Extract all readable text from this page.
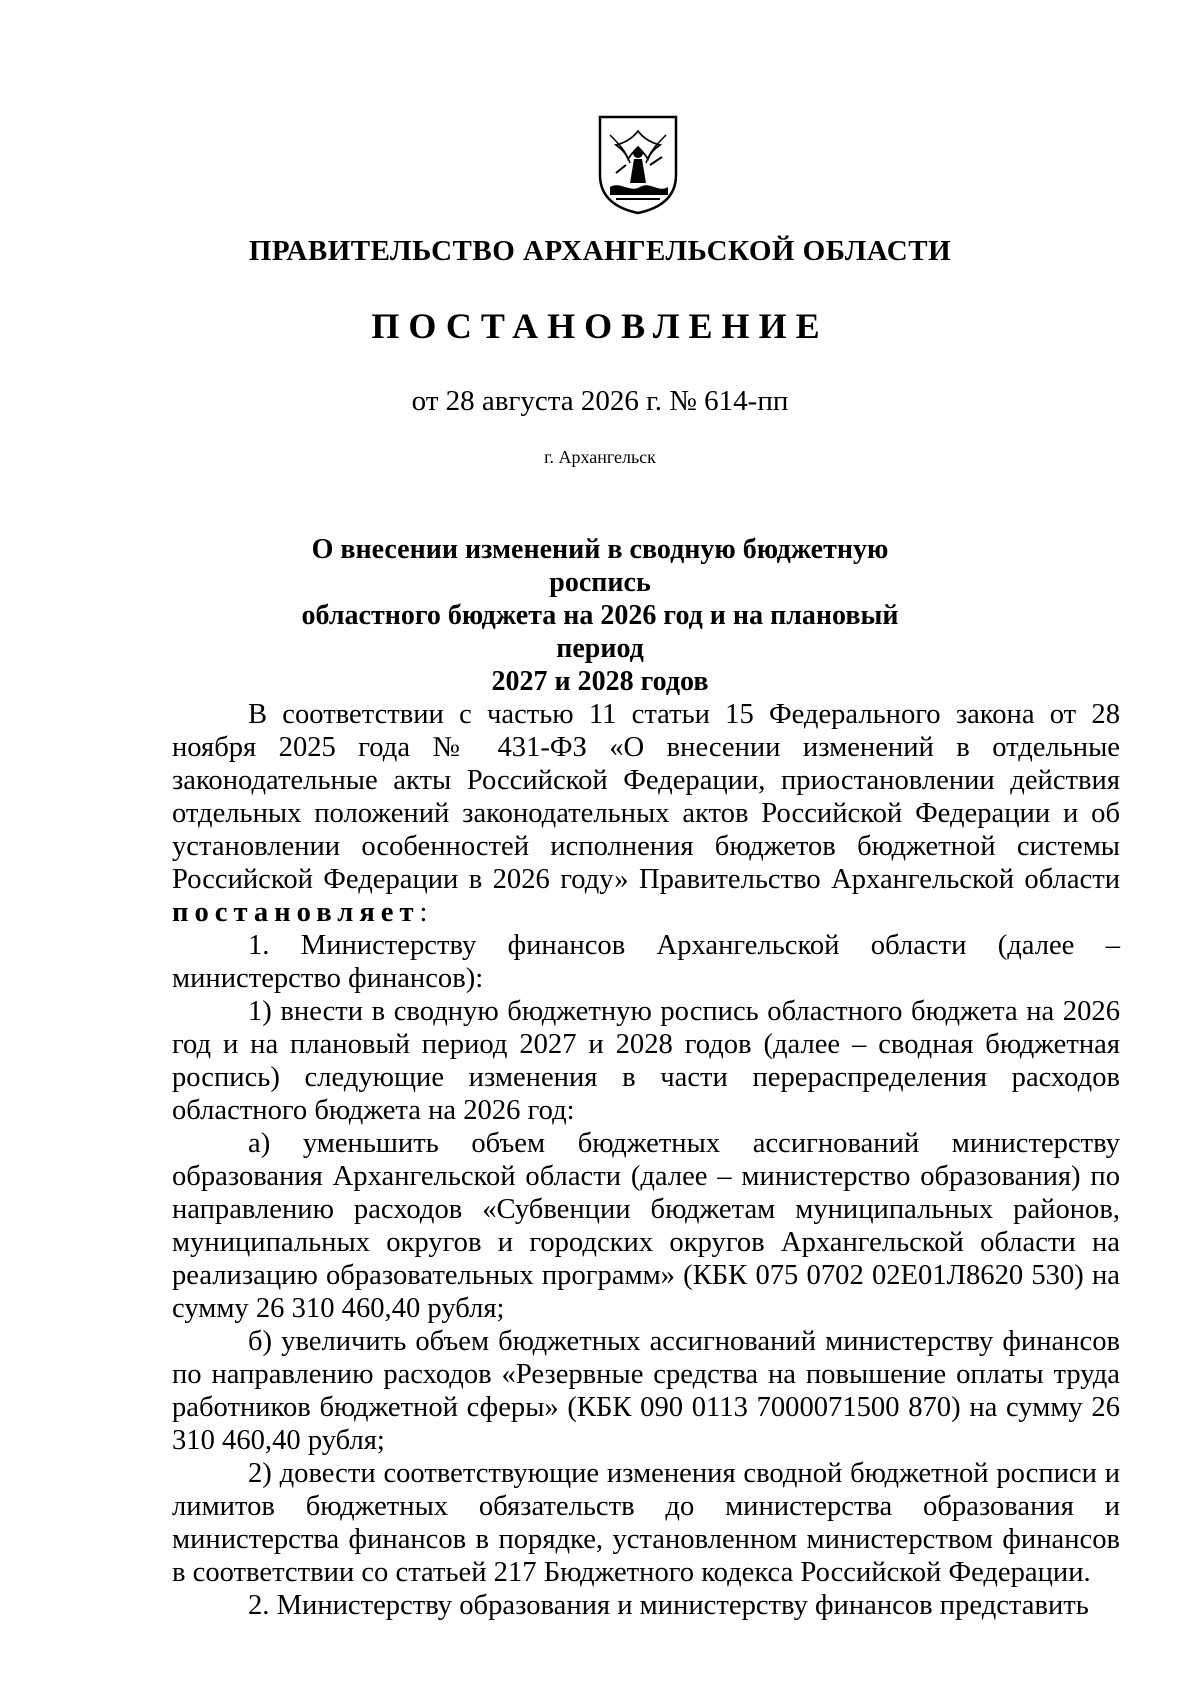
ПРАВИТЕЛЬСТВО АРХАНГЕЛЬСКОЙ ОБЛАСТИ
ПОСТАНОВЛЕНИЕ
от 28 августа 2026 г. № 614-пп
г. Архангельск
О внесении изменений в сводную бюджетную роспись
областного бюджета на 2026 год и на плановый период
2027 и 2028 годов

В соответствии с частью 11 статьи 15 Федерального закона от 28 ноября 2025 года № 431-ФЗ «О внесении изменений в отдельные законодательные акты Российской Федерации, приостановлении действия отдельных положений законодательных актов Российской Федерации и об установлении особенностей исполнения бюджетов бюджетной системы Российской Федерации в 2026 году» Правительство Архангельской области постановляет:

1. Министерству финансов Архангельской области (далее – министерство финансов):

1) внести в сводную бюджетную роспись областного бюджета на 2026 год и на плановый период 2027 и 2028 годов (далее – сводная бюджетная роспись) следующие изменения в части перераспределения расходов областного бюджета на 2026 год:

а) уменьшить объем бюджетных ассигнований министерству образования Архангельской области (далее – министерство образования) по направлению расходов «Субвенции бюджетам муниципальных районов, муниципальных округов и городских округов Архангельской области на реализацию образовательных программ» (КБК 075 0702 02Е01Л8620 530) на сумму 26 310 460,40 рубля;

б) увеличить объем бюджетных ассигнований министерству финансов по направлению расходов «Резервные средства на повышение оплаты труда работников бюджетной сферы» (КБК 090 0113 7000071500 870) на сумму 26 310 460,40 рубля;

2) довести соответствующие изменения сводной бюджетной росписи и лимитов бюджетных обязательств до министерства образования и министерства финансов в порядке, установленном министерством финансов в соответствии со статьей 217 Бюджетного кодекса Российской Федерации.

2. Министерству образования и министерству финансов представить
